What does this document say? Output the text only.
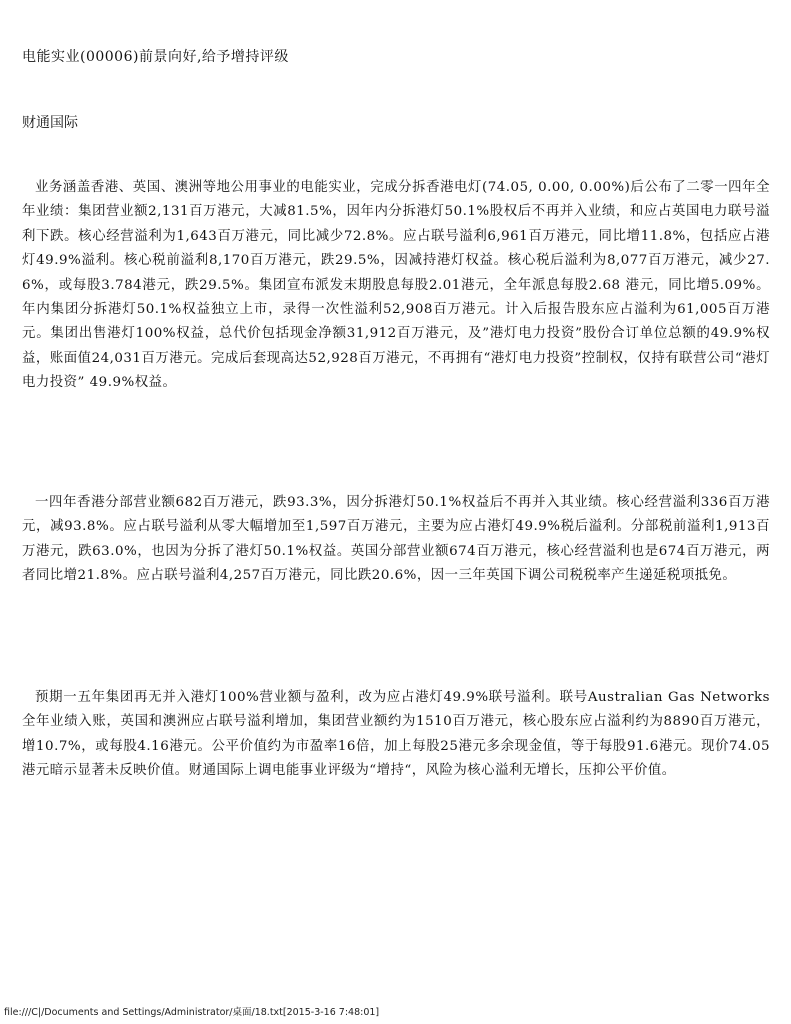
电能实业(00006)前景向好,给予增持评级
财通国际

业务涵盖香港、英国、澳洲等地公用事业的电能实业，完成分拆香港电灯(74.05, 0.00, 0.00%)后公布了二零一四年全年业绩：集团营业额2,131百万港元，大减81.5%，因年内分拆港灯50.1%股权后不再并入业绩，和应占英国电力联号溢利下跌。核心经营溢利为1,643百万港元，同比减少72.8%。应占联号溢利6,961百万港元，同比增11.8%，包括应占港灯49.9%溢利。核心税前溢利8,170百万港元，跌29.5%，因减持港灯权益。核心税后溢利为8,077百万港元，减少27.6%，或每股3.784港元，跌29.5%。集团宣布派发末期股息每股2.01港元，全年派息每股2.68 港元，同比增5.09%。年内集团分拆港灯50.1%权益独立上市，录得一次性溢利52,908百万港元。计入后报告股东应占溢利为61,005百万港元。集团出售港灯100%权益，总代价包括现金净额31,912百万港元，及”港灯电力投资”股份合订单位总额的49.9%权益，账面值24,031百万港元。完成后套现高达52,928百万港元，不再拥有“港灯电力投资”控制权，仅持有联营公司“港灯电力投资” 49.9%权益。

一四年香港分部营业额682百万港元，跌93.3%，因分拆港灯50.1%权益后不再并入其业绩。核心经营溢利336百万港元，减93.8%。应占联号溢利从零大幅增加至1,597百万港元，主要为应占港灯49.9%税后溢利。分部税前溢利1,913百万港元，跌63.0%，也因为分拆了港灯50.1%权益。英国分部营业额674百万港元，核心经营溢利也是674百万港元，两者同比增21.8%。应占联号溢利4,257百万港元，同比跌20.6%，因一三年英国下调公司税税率产生递延税项抵免。

预期一五年集团再无并入港灯100%营业额与盈利，改为应占港灯49.9%联号溢利。联号Australian Gas Networks全年业绩入账，英国和澳洲应占联号溢利增加，集团营业额约为1510百万港元，核心股东应占溢利约为8890百万港元，增10.7%，或每股4.16港元。公平价值约为市盈率16倍，加上每股25港元多余现金值，等于每股91.6港元。现价74.05港元暗示显著未反映价值。财通国际上调电能事业评级为“增持“，风险为核心溢利无增长，压抑公平价值。

file:///C|/Documents and Settings/Administrator/桌面/18.txt[2015-3-16 7:48:01]
